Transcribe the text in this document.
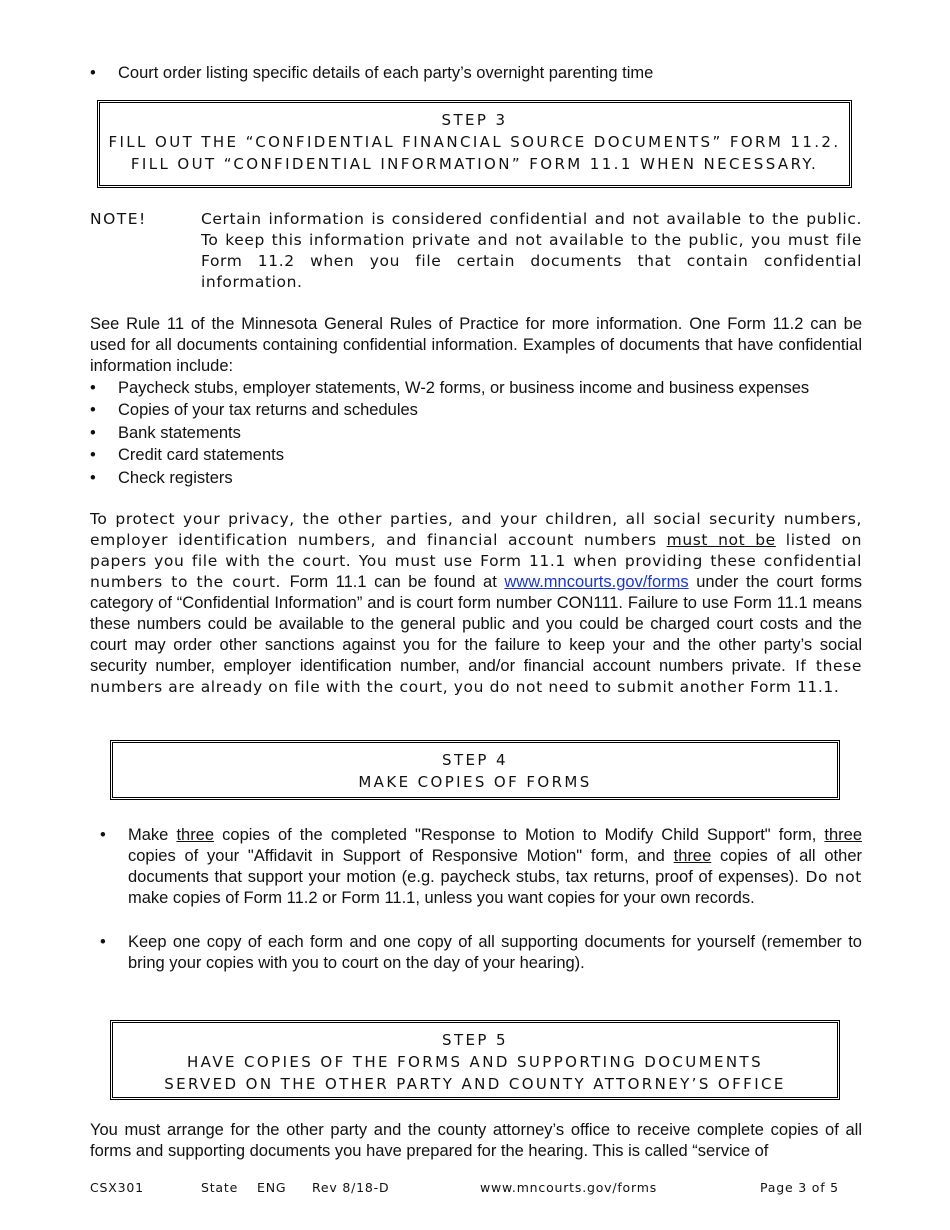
• Court order listing specific details of each party’s overnight parenting time
STEP 3
FILL OUT THE “CONFIDENTIAL FINANCIAL SOURCE DOCUMENTS” FORM 11.2.
FILL OUT “CONFIDENTIAL INFORMATION” FORM 11.1 WHEN NECESSARY.
NOTE!	Certain information is considered confidential and not available to the public. To keep this information private and not available to the public, you must file Form 11.2 when you file certain documents that contain confidential information.

See Rule 11 of the Minnesota General Rules of Practice for more information. One Form 11.2 can be used for all documents containing confidential information. Examples of documents that have confidential information include:

• Paycheck stubs, employer statements, W-2 forms, or business income and business expenses
• Copies of your tax returns and schedules
• Bank statements
• Credit card statements
• Check registers

To protect your privacy, the other parties, and your children, all social security numbers, employer identification numbers, and financial account numbers must not be listed on papers you file with the court. You must use Form 11.1 when providing these confidential numbers to the court. Form 11.1 can be found at www.mncourts.gov/forms under the court forms category of “Confidential Information” and is court form number CON111. Failure to use Form 11.1 means these numbers could be available to the general public and you could be charged court costs and the court may order other sanctions against you for the failure to keep your and the other party’s social security number, employer identification number, and/or financial account numbers private. If these numbers are already on file with the court, you do not need to submit another Form 11.1.

STEP 4
MAKE COPIES OF FORMS
• Make three copies of the completed "Response to Motion to Modify Child Support" form, three copies of your "Affidavit in Support of Responsive Motion" form, and three copies of all other documents that support your motion (e.g. paycheck stubs, tax returns, proof of expenses). Do not make copies of Form 11.2 or Form 11.1, unless you want copies for your own records.
• Keep one copy of each form and one copy of all supporting documents for yourself (remember to bring your copies with you to court on the day of your hearing).
STEP 5
HAVE COPIES OF THE FORMS AND SUPPORTING DOCUMENTS
SERVED ON THE OTHER PARTY AND COUNTY ATTORNEY’S OFFICE

You must arrange for the other party and the county attorney’s office to receive complete copies of all forms and supporting documents you have prepared for the hearing. This is called “service of

CSX301	State ENG Rev 8/18-D	www.mncourts.gov/forms	Page 3 of 5
